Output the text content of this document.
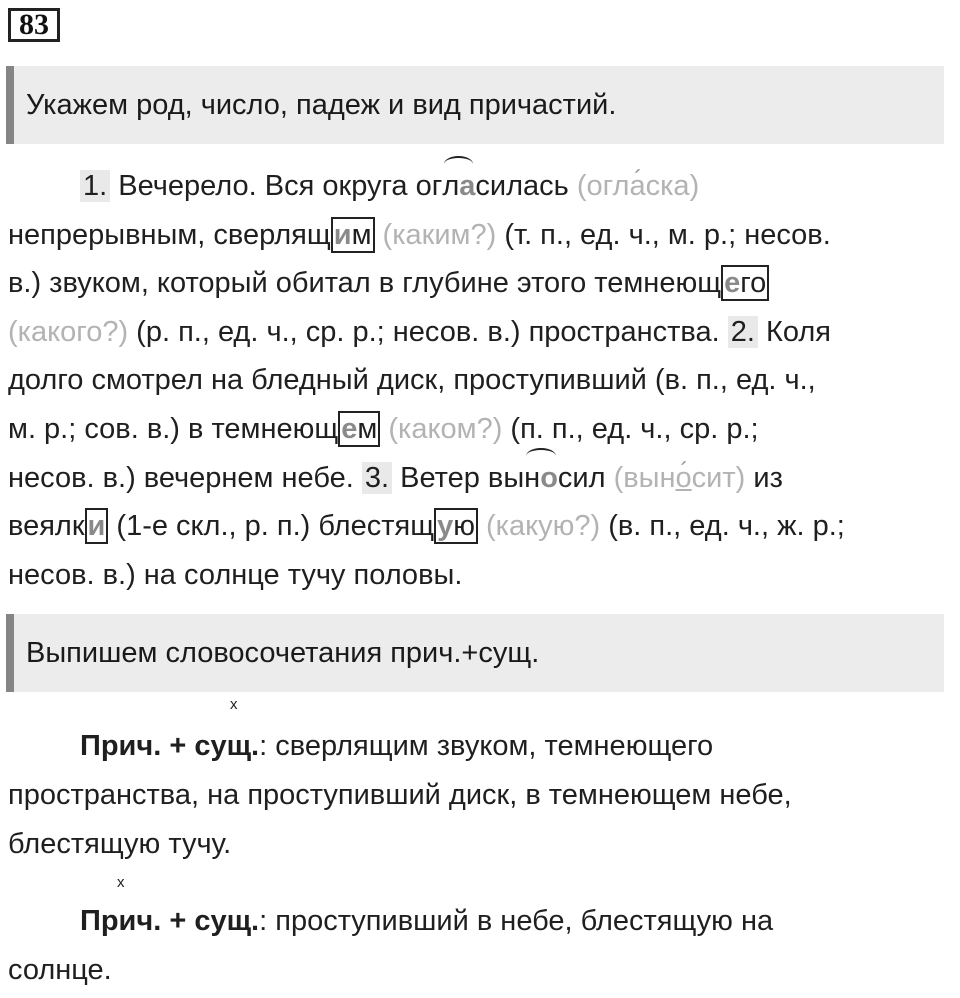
83
Укажем род, число, падеж и вид причастий.
1. Вечерело. Вся округа огласилась (огла ´ска)
непрерывным, сверлящ им (каким?) (т. п., ед. ч., м. р.; несов.
в.) звуком, который обитал в глубине этого темнеющ его
(какого?) (р. п., ед. ч., ср. р.; несов. в.) пространства. 2. Коля
долго смотрел на бледный диск, проступивший (в. п., ед. ч.,
м. р.; сов. в.) в темнеющ ем (каком?) (п. п., ед. ч., ср. р.;
несов. в.) вечернем небе. 3. Ветер выносил (выно ´сит) из
веялк и (1-е скл., р. п.) блестящ ую (какую?) (в. п., ед. ч., ж. р.;
несов. в.) на солнце тучу половы.
Выпишем словосочетания прич.+сущ.
x
Прич. + сущ.: сверлящим звуком, темнеющего
пространства, на проступивший диск, в темнеющем небе,
блестящую тучу.
x
Прич. + сущ.: проступивший в небе, блестящую на
солнце.
